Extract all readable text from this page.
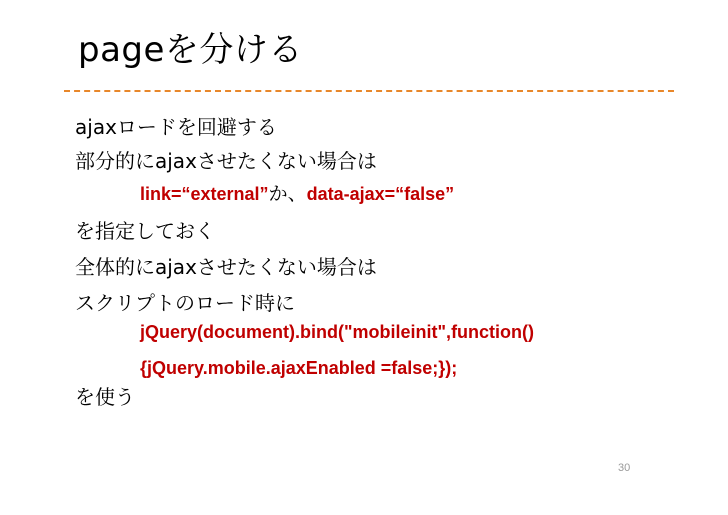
pageを分ける
ajaxロードを回避する
部分的にajaxさせたくない場合は
link=“external”か、data-ajax=“false”
を指定しておく
全体的にajaxさせたくない場合は
スクリプトのロード時に
jQuery(document).bind("mobileinit",function()
{jQuery.mobile.ajaxEnabled =false;});
を使う
30
